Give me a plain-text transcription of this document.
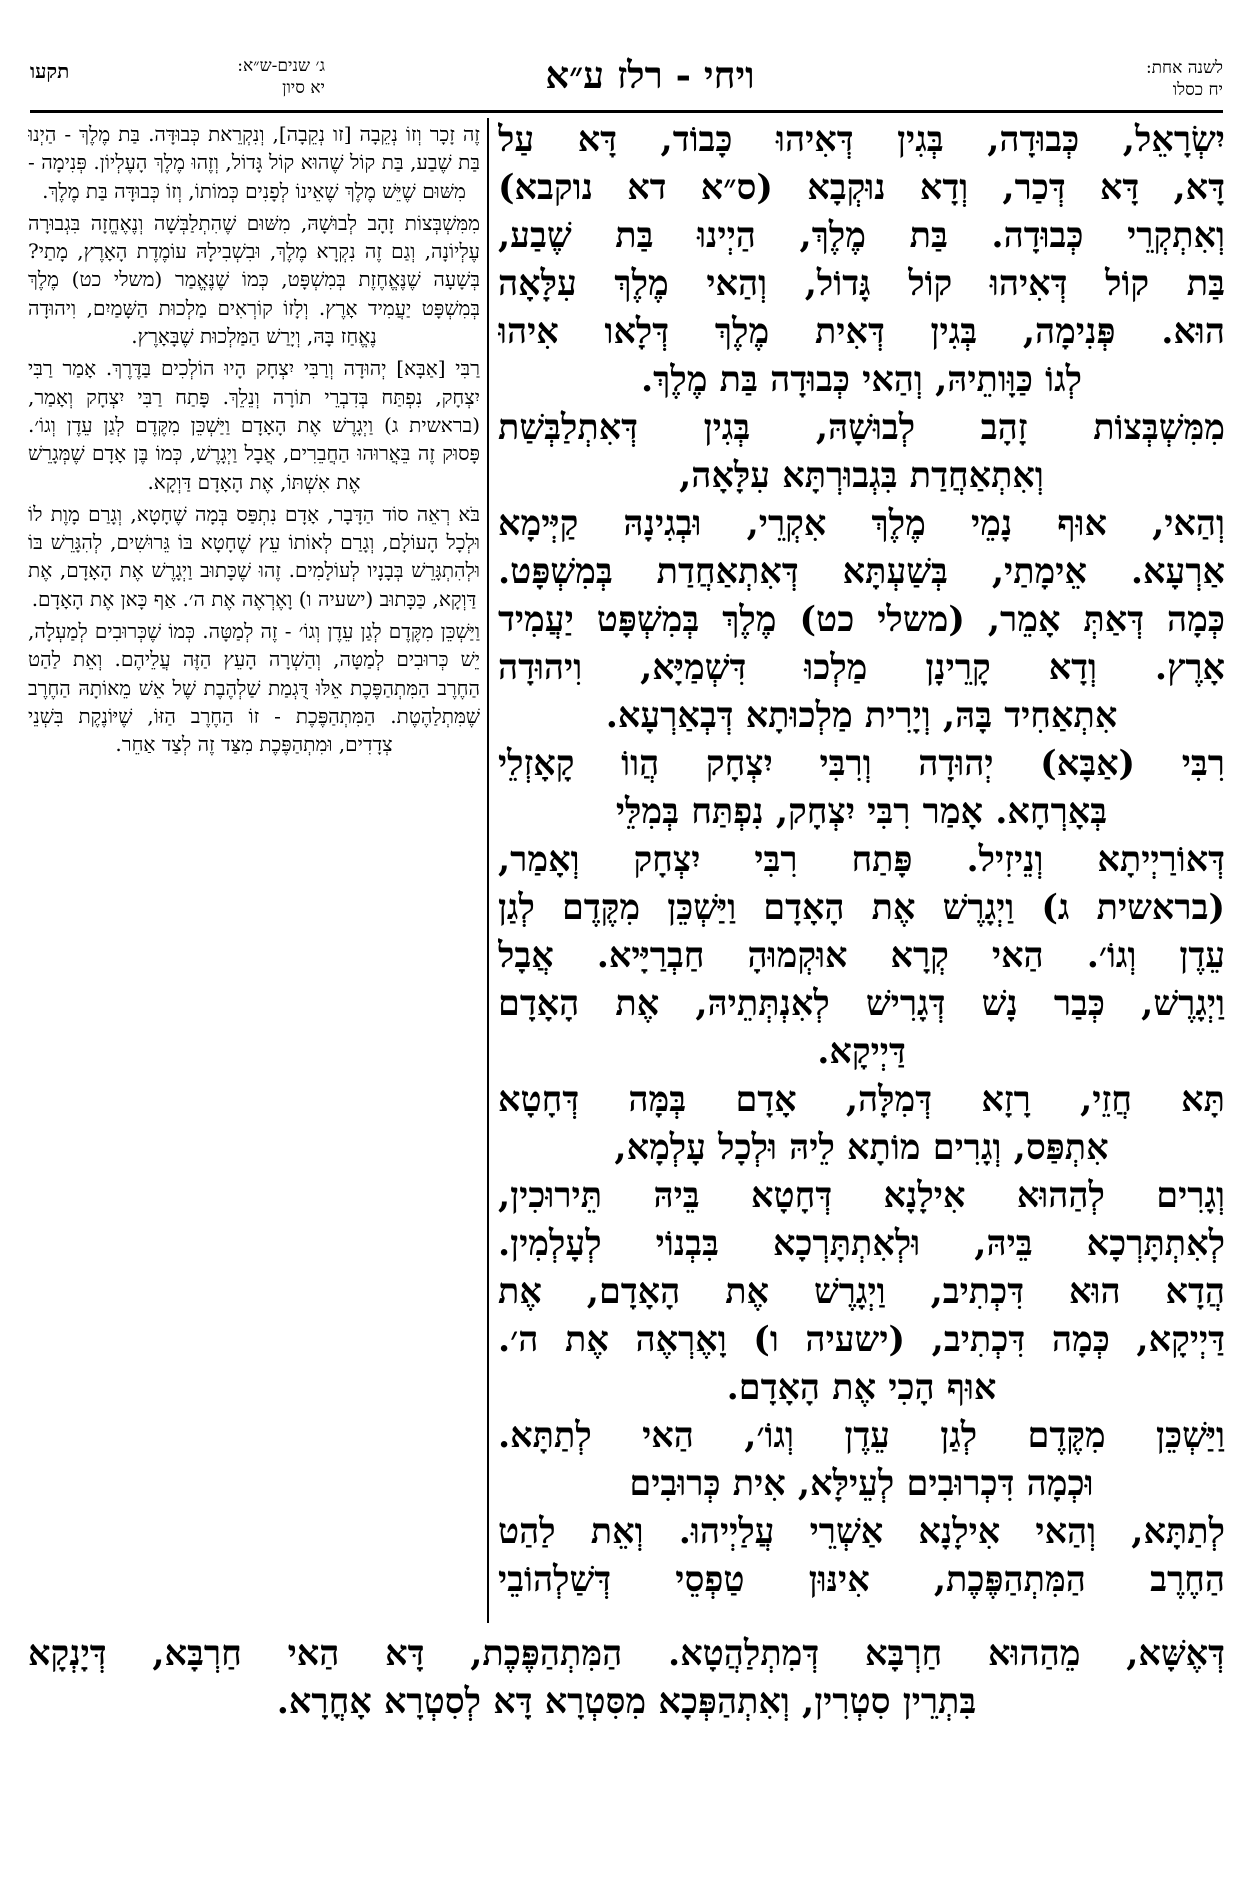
תקעו	ג׳ שנים-ש״א:
יא סיון	ויחי - רלז ע״א	לשנה אחת:
יח כסלו

יִשְׂרָאֵל, כְּבוּדָה, בְּגִין דְּאִיהוּ כָּבוֹד, דָּא עַל

דָּא, דָּא דְּכַר, וְדָא נוּקְבָא (ס״א דא נוקבא)

וְאִתְקְרֵי כְּבוּדָה. בַּת מֶלֶךְ, הַיְינוּ בַּת שֶׁבַע,

בַּת קוֹל דְּאִיהוּ קוֹל גָּדוֹל, וְהַאי מֶלֶךְ עִלָּאָה

הוּא. פְּנִימָה, בְּגִין דְּאִית מֶלֶךְ דְּלָאו אִיהוּ

לְגוֹ כַּוָּותֵיהּ, וְהַאי כְּבוּדָה בַּת מֶלֶךְ.

מִמִּשְׁבְּצוֹת זָהָב לְבוּשָׁהּ, בְּגִין דְּאִתְלַבְּשַׁת

וְאִתְאַחֲדַת בִּגְבוּרְתָּא עִלָּאָה,

וְהַאי, אוּף נָמֵי מֶלֶךְ אִקְרֵי, וּבְגִינָהּ קַיְּימָא

אַרְעָא. אֵימָתַי, בְּשַׁעְתָּא דְּאִתְאַחֲדַת בְּמִשְׁפָּט.

כְּמָה דְּאַתְּ אָמֵר, (משלי כט) מֶלֶךְ בְּמִשְׁפָּט יַעֲמִיד

אָרֶץ. וְדָא קָרֵינָן מַלְכוּ דִּשְׁמַיָּא, וִיהוּדָה

אִתְאַחִיד בָּהּ, וְיָרִית מַלְכוּתָא דְּבְאַרְעָא.

רִבִּי (אַבָּא) יְהוּדָה וְרִבִּי יִצְחָק הֲווֹ קָאָזְלֵי

בְּאָרְחָא. אָמַר רִבִּי יִצְחָק, נִפְתַּח בְּמִלֵּי

דְּאוֹרַיְיתָא וְנֵיזִיל. פָּתַח רִבִּי יִצְחָק וְאָמַר,

(בראשית ג) וַיְגָרֶשׁ אֶת הָאָדָם וַיַּשְׁכֵּן מִקֶּדֶם לְגַן

עֵדֶן וְגוֹ׳. הַאי קְרָא אוּקְמוּהָ חַבְרַיָּיא. אֲבָל

וַיְגָרֶשׁ, כְּבַר נָשׁ דְּגָרִישׁ לְאִנְתְּתֵיהּ, אֶת הָאָדָם

דַּיְיקָא.

תָּא חֲזֵי, רָזָא דְּמִלָּה, אָדָם בְּמָּה דְּחָטָא

אִתְפַּס, וְגָרִים מוֹתָא לֵיהּ וּלְכָל עָלְמָא,

וְגָרִים לְהַהוּא אִילָנָא דְּחָטָא בֵּיהּ תֵּירוּכִין,

לְאִתְתָּרְכָא בֵּיהּ, וּלְאִתְתָּרְכָא בִּבְנוֹי לְעָלְמִין.

הֲדָא הוּא דִּכְתִיב, וַיְגָרֶשׁ אֶת הָאָדָם, אֶת

דַּיְיקָא, כְּמָה דִּכְתִיב, (ישעיה ו) וָאֶרְאֶה אֶת ה׳.

אוּף הָכִי אֶת הָאָדָם.

וַיַּשְׁכֵּן מִקֶּדֶם לְגַן עֵדֶן וְגוֹ׳, הַאי לְתַתָּא.

וּכְמָה דִּכְרוּבִים לְעֵילָּא, אִית כְּרוּבִים

לְתַתָּא, וְהַאי אִילָנָא אַשְׁרֵי עֲלַיְיהוּ. וְאֵת לַהַט

הַחֶרֶב הַמִּתְהַפֶּכֶת, אִינּוּן טַפְסֵי דְּשַׁלְהוֹבֵי

זֶה זָכָר וְזוֹ נְקֵבָה [זו נְקֵבָה], וְנִקְרֵאת כְּבוּדָּה. בַּת מֶלֶךְ - הַיְנוּ בַּת שֶׁבַע, בַּת קוֹל שֶׁהוּא קוֹל גָּדוֹל, וְזֶהוּ מֶלֶךְ הָעֶלְיוֹן. פְּנִימָה - מִשּׁוּם שֶׁיֵּשׁ מֶלֶךְ שֶׁאֵינוֹ לְפָנִים כְּמוֹתוֹ, וְזוֹ כְּבוּדָּה בַּת מֶלֶךְ.

מִמִּשְׁבְּצוֹת זָהָב לְבוּשָׁהּ, מִשּׁוּם שֶׁהִתְלַבְּשָׁה וְנֶאֶחֱזָה בִּגְבוּרָה עֶלְיוֹנָה, וְגַם זֶה נִקְרָא מֶלֶךְ, וּבִשְׁבִילָהּ עוֹמֶדֶת הָאָרֶץ, מָתַי? בְּשָׁעָה שֶׁנֶּאֱחֶזֶת בְּמִשְׁפָּט, כְּמוֹ שֶׁנֶּאֱמַר (משלי כט) מֶלֶךְ בְּמִשְׁפָּט יַעֲמִיד אָרֶץ. וְלָזוֹ קוֹרְאִים מַלְכוּת הַשָּׁמַיִם, וִיהוּדָה נֶאֱחַז בָּהּ, וְיָרַשׁ הַמַּלְכוּת שֶׁבָּאָרֶץ.

רַבִּי [אַבָּא] יְהוּדָה וְרַבִּי יִצְחָק הָיוּ הוֹלְכִים בַּדֶּרֶךְ. אָמַר רַבִּי יִצְחָק, נִפְתַּח בְּדִבְרֵי תוֹרָה וְנֵלֵךְ. פָּתַח רַבִּי יִצְחָק וְאָמַר, (בראשית ג) וַיְגָרֶשׁ אֶת הָאָדָם וַיַּשְׁכֵּן מִקֶּדֶם לְגַן עֵדֶן וְגוֹ׳. פָּסוּק זֶה בֵּאֲרוּהוּ הַחֲבֵרִים, אֲבָל וַיְגָרֶשׁ, כְּמוֹ בֶּן אָדָם שֶׁמְּגָרֵשׁ אֶת אִשְׁתּוֹ, אֶת הָאָדָם דַּוְקָא.

בֹּא רְאֵה סוֹד הַדָּבָר, אָדָם נִתְפַּס בְּמָה שֶׁחָטָא, וְגָרַם מָוֶת לוֹ וּלְכָל הָעוֹלָם, וְגָרַם לְאוֹתוֹ עֵץ שֶׁחָטָא בּוֹ גֵּרוּשִׁים, לְהִגָּרֵשׁ בּוֹ וּלְהִתְגָּרֵשׁ בְּבָנָיו לְעוֹלָמִים. זֶהוּ שֶׁכָּתוּב וַיְגָרֶשׁ אֶת הָאָדָם, אֶת דַּוְקָא, כַּכָּתוּב (ישעיה ו) וָאֶרְאֶה אֶת ה׳. אַף כָּאן אֶת הָאָדָם.

וַיַּשְׁכֵּן מִקֶּדֶם לְגַן עֵדֶן וְגוֹ׳ - זֶה לְמַטָּה. כְּמוֹ שֶׁכְּרוּבִים לְמַעְלָה, יֵשׁ כְּרוּבִים לְמַטָּה, וְהַשְׁרָה הָעֵץ הַזֶּה עֲלֵיהֶם. וְאֵת לַהַט הַחֶרֶב הַמִּתְהַפֶּכֶת אֵלּוּ דֻּגְמַת שַׁלְהֶבֶת שֶׁל אֵשׁ מֵאוֹתָהּ הַחֶרֶב שֶׁמִּתְלַהֶטֶת. הַמִּתְהַפֶּכֶת - זוֹ הַחֶרֶב הַזּוֹ, שֶׁיּוֹנֶקֶת בִּשְׁנֵי צְדָדִים, וּמִתְהַפֶּכֶת מִצַּד זֶה לְצַד אַחֵר.

דְּאֶשָּׁא, מֵהַהוּא חַרְבָּא דְּמִתְלַהֲטָא. הַמִּתְהַפֶּכֶת, דָּא הַאי חַרְבָּא, דְּיָנְקָא

בִּתְרֵין סִטְרִין, וְאִתְהַפְּכָא מִסִּטְרָא דָּא לְסִטְרָא אָחֳרָא.
